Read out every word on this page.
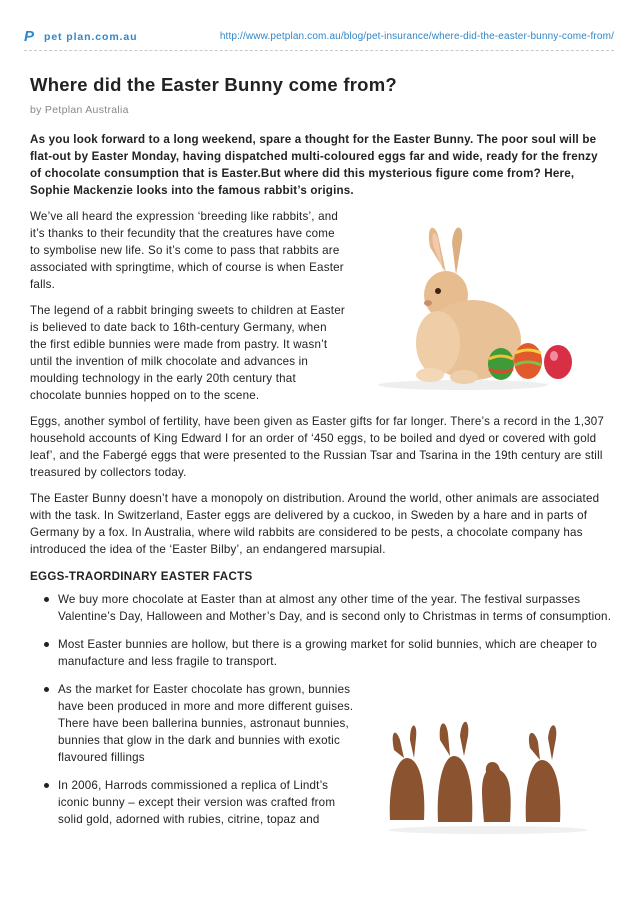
P pet plan.com.au	http://www.petplan.com.au/blog/pet-insurance/where-did-the-easter-bunny-come-from/
Where did the Easter Bunny come from?
by Petplan Australia
As you look forward to a long weekend, spare a thought for the Easter Bunny. The poor soul will be flat-out by Easter Monday, having dispatched multi-coloured eggs far and wide, ready for the frenzy of chocolate consumption that is Easter.But where did this mysterious figure come from? Here, Sophie Mackenzie looks into the famous rabbit’s origins.

We’ve all heard the expression ‘breeding like rabbits’, and it’s thanks to their fecundity that the creatures have come to symbolise new life. So it’s come to pass that rabbits are associated with springtime, which of course is when Easter falls.

The legend of a rabbit bringing sweets to children at Easter is believed to date back to 16th-century Germany, when the first edible bunnies were made from pastry. It wasn’t until the invention of milk chocolate and advances in moulding technology in the early 20th century that chocolate bunnies hopped on to the scene.

Eggs, another symbol of fertility, have been given as Easter gifts for far longer. There’s a record in the 1,307 household accounts of King Edward I for an order of ‘450 eggs, to be boiled and dyed or covered with gold leaf’, and the Fabergé eggs that were presented to the Russian Tsar and Tsarina in the 19th century are still treasured by collectors today.

The Easter Bunny doesn’t have a monopoly on distribution. Around the world, other animals are associated with the task. In Switzerland, Easter eggs are delivered by a cuckoo, in Sweden by a hare and in parts of Germany by a fox. In Australia, where wild rabbits are considered to be pests, a chocolate company has introduced the idea of the ‘Easter Bilby’, an endangered marsupial.

EGGS-TRAORDINARY EASTER FACTS
We buy more chocolate at Easter than at almost any other time of the year. The festival surpasses Valentine’s Day, Halloween and Mother’s Day, and is second only to Christmas in terms of consumption.
Most Easter bunnies are hollow, but there is a growing market for solid bunnies, which are cheaper to manufacture and less fragile to transport.
As the market for Easter chocolate has grown, bunnies have been produced in more and more different guises. There have been ballerina bunnies, astronaut bunnies, bunnies that glow in the dark and bunnies with exotic flavoured fillings
In 2006, Harrods commissioned a replica of Lindt’s iconic bunny – except their version was crafted from solid gold, adorned with rubies, citrine, topaz and
